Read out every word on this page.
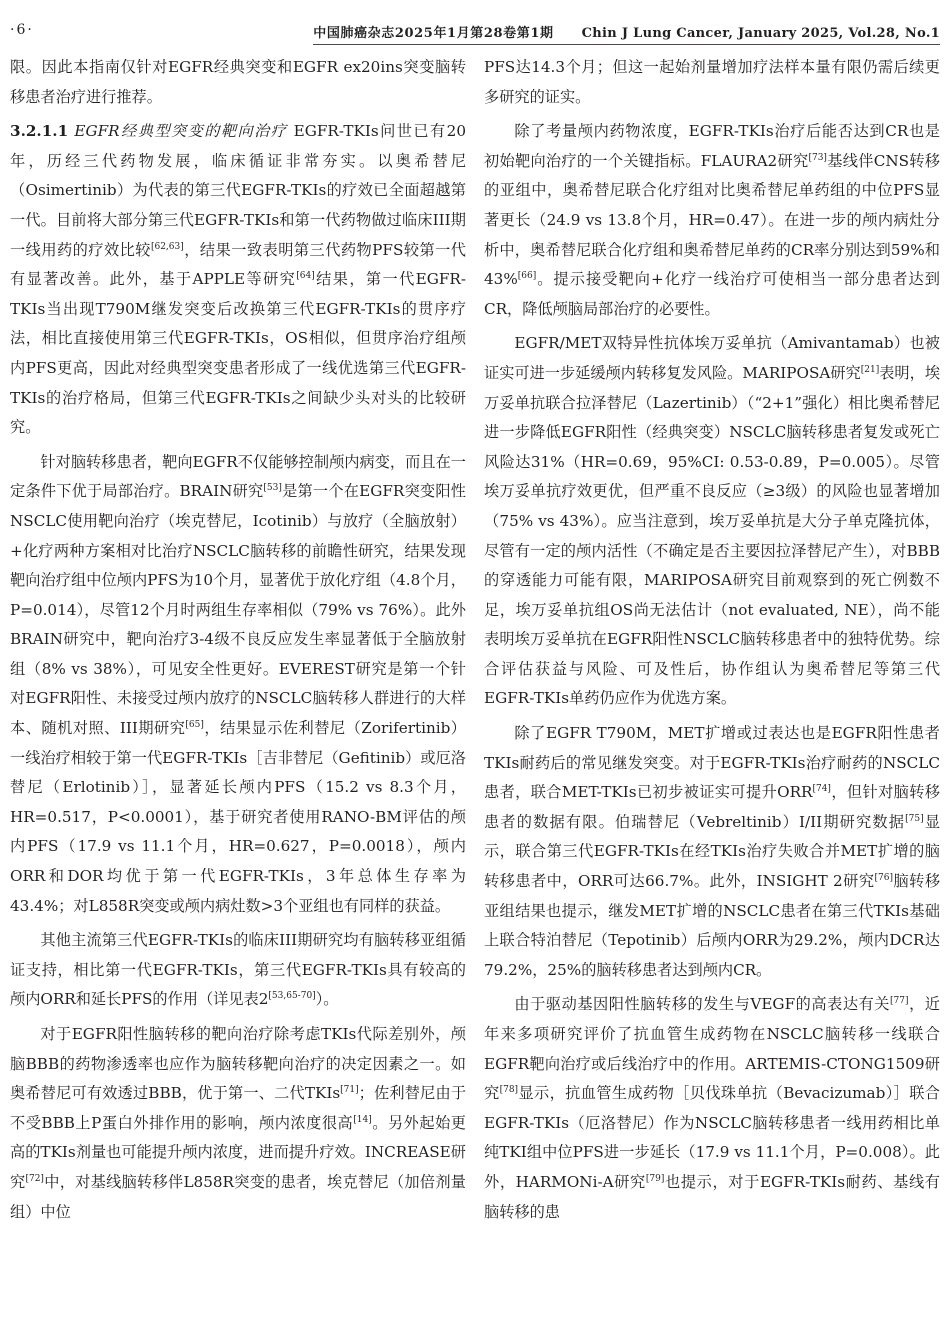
·6·	中国肺癌杂志2025年1月第28卷第1期 Chin J Lung Cancer, January 2025, Vol.28, No.1

限。因此本指南仅针对EGFR经典突变和EGFR ex20ins突变脑转移患者治疗进行推荐。

3.2.1.1 EGFR经典型突变的靶向治疗 EGFR-TKIs问世已有20年，历经三代药物发展，临床循证非常夯实。以奥希替尼（Osimertinib）为代表的第三代EGFR-TKIs的疗效已全面超越第一代。目前将大部分第三代EGFR-TKIs和第一代药物做过临床III期一线用药的疗效比较[62,63]，结果一致表明第三代药物PFS较第一代有显著改善。此外，基于APPLE等研究[64]结果，第一代EGFR-TKIs当出现T790M继发突变后改换第三代EGFR-TKIs的贯序疗法，相比直接使用第三代EGFR-TKIs，OS相似，但贯序治疗组颅内PFS更高，因此对经典型突变患者形成了一线优选第三代EGFR-TKIs的治疗格局，但第三代EGFR-TKIs之间缺少头对头的比较研究。

针对脑转移患者，靶向EGFR不仅能够控制颅内病变，而且在一定条件下优于局部治疗。BRAIN研究[53]是第一个在EGFR突变阳性NSCLC使用靶向治疗（埃克替尼，Icotinib）与放疗（全脑放射）+化疗两种方案相对比治疗NSCLC脑转移的前瞻性研究，结果发现靶向治疗组中位颅内PFS为10个月，显著优于放化疗组（4.8个月，P=0.014），尽管12个月时两组生存率相似（79% vs 76%）。此外BRAIN研究中，靶向治疗3-4级不良反应发生率显著低于全脑放射组（8% vs 38%），可见安全性更好。EVEREST研究是第一个针对EGFR阳性、未接受过颅内放疗的NSCLC脑转移人群进行的大样本、随机对照、III期研究[65]，结果显示佐利替尼（Zorifertinib）一线治疗相较于第一代EGFR-TKIs［吉非替尼（Gefitinib）或厄洛替尼（Erlotinib）］，显著延长颅内PFS（15.2 vs 8.3个月，HR=0.517，P<0.0001），基于研究者使用RANO-BM评估的颅内PFS（17.9 vs 11.1个月，HR=0.627，P=0.0018），颅内ORR和DOR均优于第一代EGFR-TKIs，3年总体生存率为43.4%；对L858R突变或颅内病灶数>3个亚组也有同样的获益。

其他主流第三代EGFR-TKIs的临床III期研究均有脑转移亚组循证支持，相比第一代EGFR-TKIs，第三代EGFR-TKIs具有较高的颅内ORR和延长PFS的作用（详见表2[53,65-70]）。

对于EGFR阳性脑转移的靶向治疗除考虑TKIs代际差别外，颅脑BBB的药物渗透率也应作为脑转移靶向治疗的决定因素之一。如奥希替尼可有效透过BBB，优于第一、二代TKIs[71]；佐利替尼由于不受BBB上P蛋白外排作用的影响，颅内浓度很高[14]。另外起始更高的TKIs剂量也可能提升颅内浓度，进而提升疗效。INCREASE研究[72]中，对基线脑转移伴L858R突变的患者，埃克替尼（加倍剂量组）中位

PFS达14.3个月；但这一起始剂量增加疗法样本量有限仍需后续更多研究的证实。

除了考量颅内药物浓度，EGFR-TKIs治疗后能否达到CR也是初始靶向治疗的一个关键指标。FLAURA2研究[73]基线伴CNS转移的亚组中，奥希替尼联合化疗组对比奥希替尼单药组的中位PFS显著更长（24.9 vs 13.8个月，HR=0.47）。在进一步的颅内病灶分析中，奥希替尼联合化疗组和奥希替尼单药的CR率分别达到59%和43%[66]。提示接受靶向+化疗一线治疗可使相当一部分患者达到CR，降低颅脑局部治疗的必要性。

EGFR/MET双特异性抗体埃万妥单抗（Amivantamab）也被证实可进一步延缓颅内转移复发风险。MARIPOSA研究[21]表明，埃万妥单抗联合拉泽替尼（Lazertinib）（“2+1”强化）相比奥希替尼进一步降低EGFR阳性（经典突变）NSCLC脑转移患者复发或死亡风险达31%（HR=0.69，95%CI: 0.53-0.89，P=0.005）。尽管埃万妥单抗疗效更优，但严重不良反应（≥3级）的风险也显著增加（75% vs 43%）。应当注意到，埃万妥单抗是大分子单克隆抗体，尽管有一定的颅内活性（不确定是否主要因拉泽替尼产生），对BBB的穿透能力可能有限，MARIPOSA研究目前观察到的死亡例数不足，埃万妥单抗组OS尚无法估计（not evaluated, NE），尚不能表明埃万妥单抗在EGFR阳性NSCLC脑转移患者中的独特优势。综合评估获益与风险、可及性后，协作组认为奥希替尼等第三代EGFR-TKIs单药仍应作为优选方案。

除了EGFR T790M，MET扩增或过表达也是EGFR阳性患者TKIs耐药后的常见继发突变。对于EGFR-TKIs治疗耐药的NSCLC患者，联合MET-TKIs已初步被证实可提升ORR[74]，但针对脑转移患者的数据有限。伯瑞替尼（Vebreltinib）I/II期研究数据[75]显示，联合第三代EGFR-TKIs在经TKIs治疗失败合并MET扩增的脑转移患者中，ORR可达66.7%。此外，INSIGHT 2研究[76]脑转移亚组结果也提示，继发MET扩增的NSCLC患者在第三代TKIs基础上联合特泊替尼（Tepotinib）后颅内ORR为29.2%，颅内DCR达79.2%，25%的脑转移患者达到颅内CR。

由于驱动基因阳性脑转移的发生与VEGF的高表达有关[77]，近年来多项研究评价了抗血管生成药物在NSCLC脑转移一线联合EGFR靶向治疗或后线治疗中的作用。ARTEMIS-CTONG1509研究[78]显示，抗血管生成药物［贝伐珠单抗（Bevacizumab）］联合EGFR-TKIs（厄洛替尼）作为NSCLC脑转移患者一线用药相比单纯TKI组中位PFS进一步延长（17.9 vs 11.1个月，P=0.008）。此外，HARMONi-A研究[79]也提示，对于EGFR-TKIs耐药、基线有脑转移的患
